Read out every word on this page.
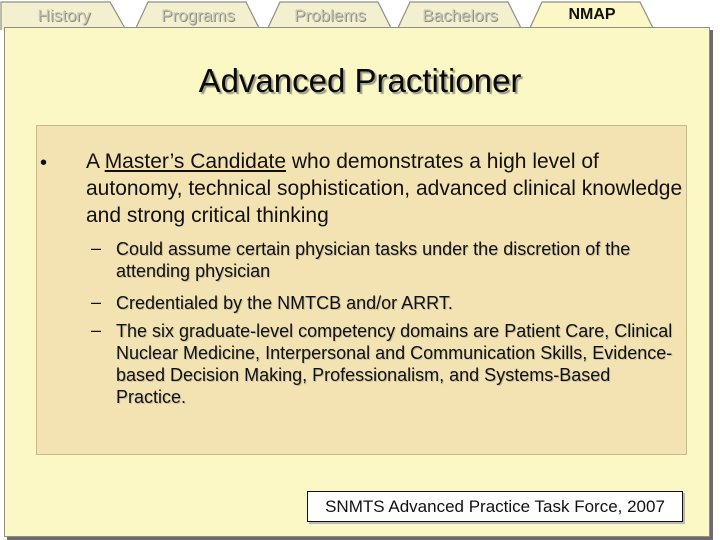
History	Programs	Problems	Bachelors	NMAP
Advanced Practitioner
• A Master’s Candidate who demonstrates a high level of autonomy, technical sophistication, advanced clinical knowledge and strong critical thinking
– Could assume certain physician tasks under the discretion of the attending physician
– Credentialed by the NMTCB and/or ARRT.
– The six graduate-level competency domains are Patient Care, Clinical Nuclear Medicine, Interpersonal and Communication Skills, Evidence-based Decision Making, Professionalism, and Systems-Based Practice.
SNMTS Advanced Practice Task Force, 2007
